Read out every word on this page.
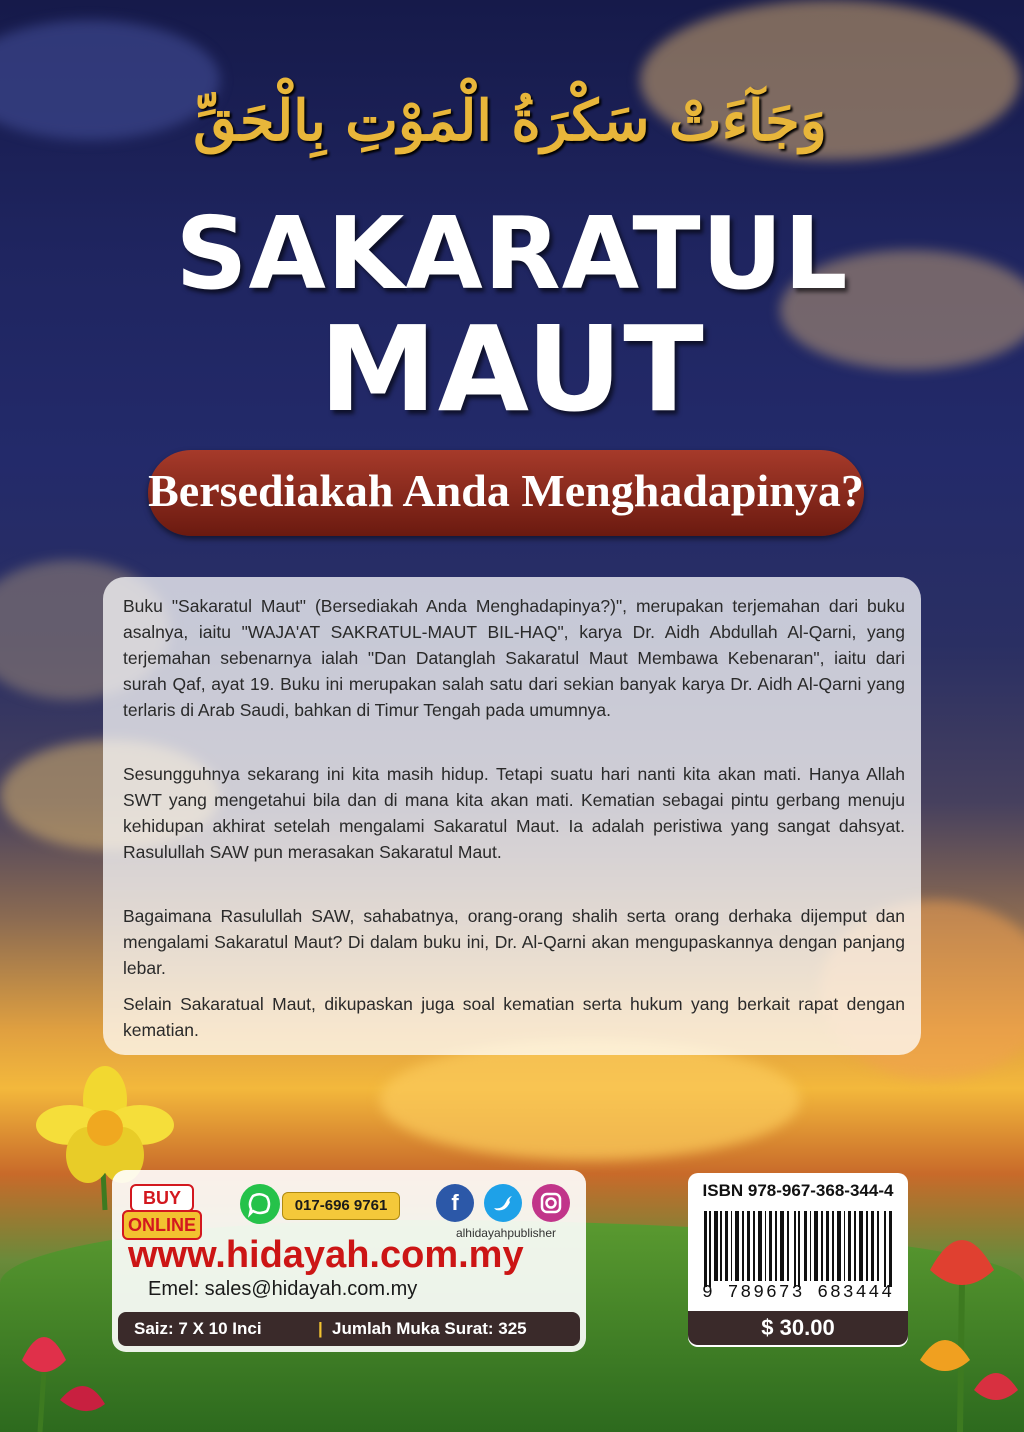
وَجَآءَتْ سَكْرَةُ الْمَوْتِ بِالْحَقِّ
SAKARATUL
MAUT
Bersediakah Anda Menghadapinya?

Buku "Sakaratul Maut" (Bersediakah Anda Menghadapinya?)", merupakan terjemahan dari buku asalnya, iaitu "WAJA'AT SAKRATUL-MAUT BIL-HAQ", karya Dr. Aidh Abdullah Al-Qarni, yang terjemahan sebenarnya ialah "Dan Datanglah Sakaratul Maut Membawa Kebenaran", iaitu dari surah Qaf, ayat 19. Buku ini merupakan salah satu dari sekian banyak karya Dr. Aidh Al-Qarni yang terlaris di Arab Saudi, bahkan di Timur Tengah pada umumnya.

Sesungguhnya sekarang ini kita masih hidup. Tetapi suatu hari nanti kita akan mati. Hanya Allah SWT yang mengetahui bila dan di mana kita akan mati. Kematian sebagai pintu gerbang menuju kehidupan akhirat setelah mengalami Sakaratul Maut. Ia adalah peristiwa yang sangat dahsyat. Rasulullah SAW pun merasakan Sakaratul Maut.

Bagaimana Rasulullah SAW, sahabatnya, orang-orang shalih serta orang derhaka dijemput dan mengalami Sakaratul Maut? Di dalam buku ini, Dr. Al-Qarni akan mengupaskannya dengan panjang lebar.

Selain Sakaratual Maut, dikupaskan juga soal kematian serta hukum yang berkait rapat dengan kematian.

BUY
ONLINE
017-696 9761	f
alhidayahpublisher
www.hidayah.com.my
Emel: sales@hidayah.com.my
Saiz: 7 X 10 Inci	| Jumlah Muka Surat: 325
ISBN 978-967-368-344-4
9 789673 683444
$ 30.00
